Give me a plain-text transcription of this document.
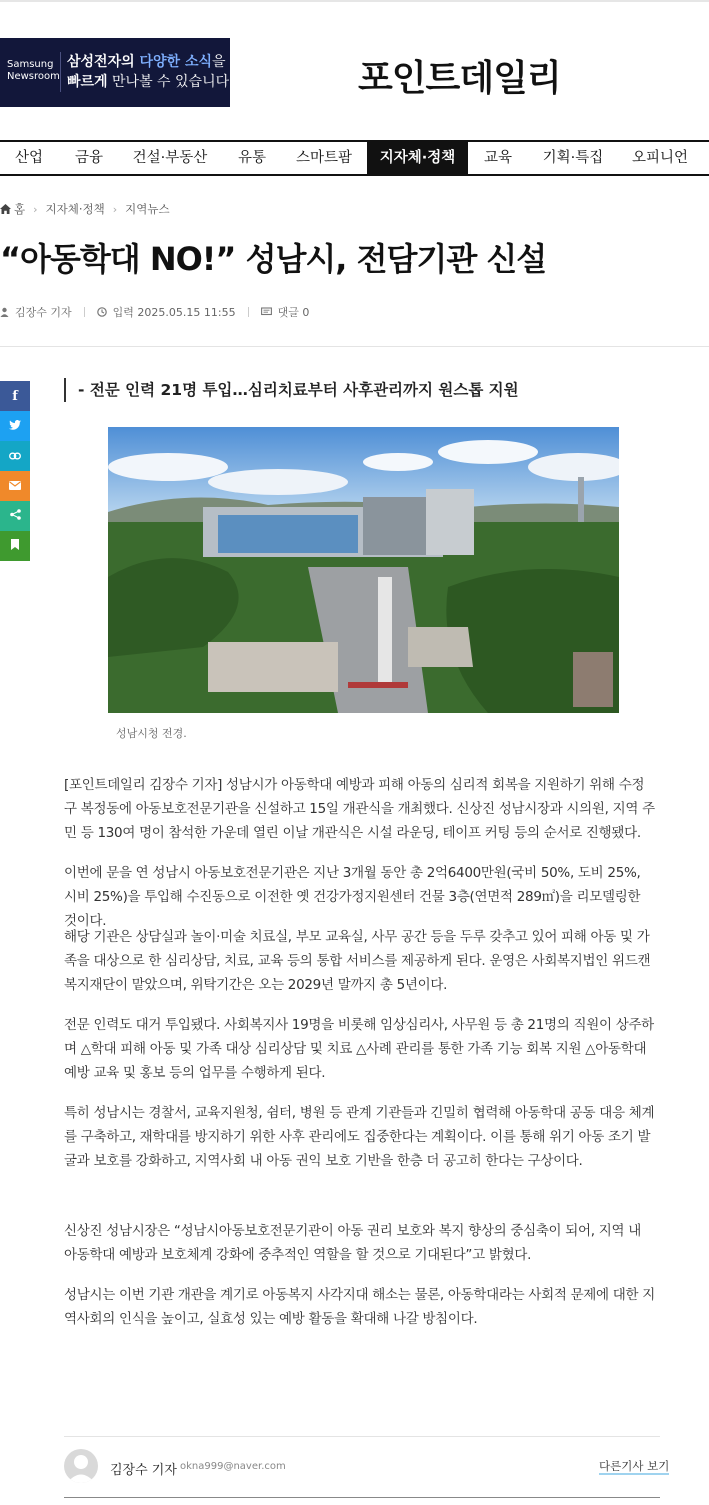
Samsung
Newsroom
삼성전자의 다양한 소식을
빠르게 만나볼 수 있습니다.	포인트데일리
산업	금융	건설·부동산	유통	스마트팜	지자체·정책	교육	기획·특집	오피니언
홈 › 지자체·정책 › 지역뉴스
“아동학대 NO!” 성남시, 전담기관 신설
김장수 기자	입력 2025.05.15 11:55	댓글 0
f	- 전문 인력 21명 투입…심리치료부터 사후관리까지 원스톱 지원
성남시청 전경.
[포인트데일리 김장수 기자] 성남시가 아동학대 예방과 피해 아동의 심리적 회복을 지원하기 위해 수정구 복정동에 아동보호전문기관을 신설하고 15일 개관식을 개최했다. 신상진 성남시장과 시의원, 지역 주민 등 130여 명이 참석한 가운데 열린 이날 개관식은 시설 라운딩, 테이프 커팅 등의 순서로 진행됐다.
이번에 문을 연 성남시 아동보호전문기관은 지난 3개월 동안 총 2억6400만원(국비 50%, 도비 25%, 시비 25%)을 투입해 수진동으로 이전한 옛 건강가정지원센터 건물 3층(연면적 289㎡)을 리모델링한 것이다.
해당 기관은 상담실과 놀이·미술 치료실, 부모 교육실, 사무 공간 등을 두루 갖추고 있어 피해 아동 및 가족을 대상으로 한 심리상담, 치료, 교육 등의 통합 서비스를 제공하게 된다. 운영은 사회복지법인 위드캔복지재단이 맡았으며, 위탁기간은 오는 2029년 말까지 총 5년이다.
전문 인력도 대거 투입됐다. 사회복지사 19명을 비롯해 임상심리사, 사무원 등 총 21명의 직원이 상주하며 △학대 피해 아동 및 가족 대상 심리상담 및 치료 △사례 관리를 통한 가족 기능 회복 지원 △아동학대 예방 교육 및 홍보 등의 업무를 수행하게 된다.
특히 성남시는 경찰서, 교육지원청, 쉼터, 병원 등 관계 기관들과 긴밀히 협력해 아동학대 공동 대응 체계를 구축하고, 재학대를 방지하기 위한 사후 관리에도 집중한다는 계획이다. 이를 통해 위기 아동 조기 발굴과 보호를 강화하고, 지역사회 내 아동 권익 보호 기반을 한층 더 공고히 한다는 구상이다.
신상진 성남시장은 “성남시아동보호전문기관이 아동 권리 보호와 복지 향상의 중심축이 되어, 지역 내 아동학대 예방과 보호체계 강화에 중추적인 역할을 할 것으로 기대된다”고 밝혔다.
성남시는 이번 기관 개관을 계기로 아동복지 사각지대 해소는 물론, 아동학대라는 사회적 문제에 대한 지역사회의 인식을 높이고, 실효성 있는 예방 활동을 확대해 나갈 방침이다.
김장수 기자 okna999@naver.com	다른기사 보기
